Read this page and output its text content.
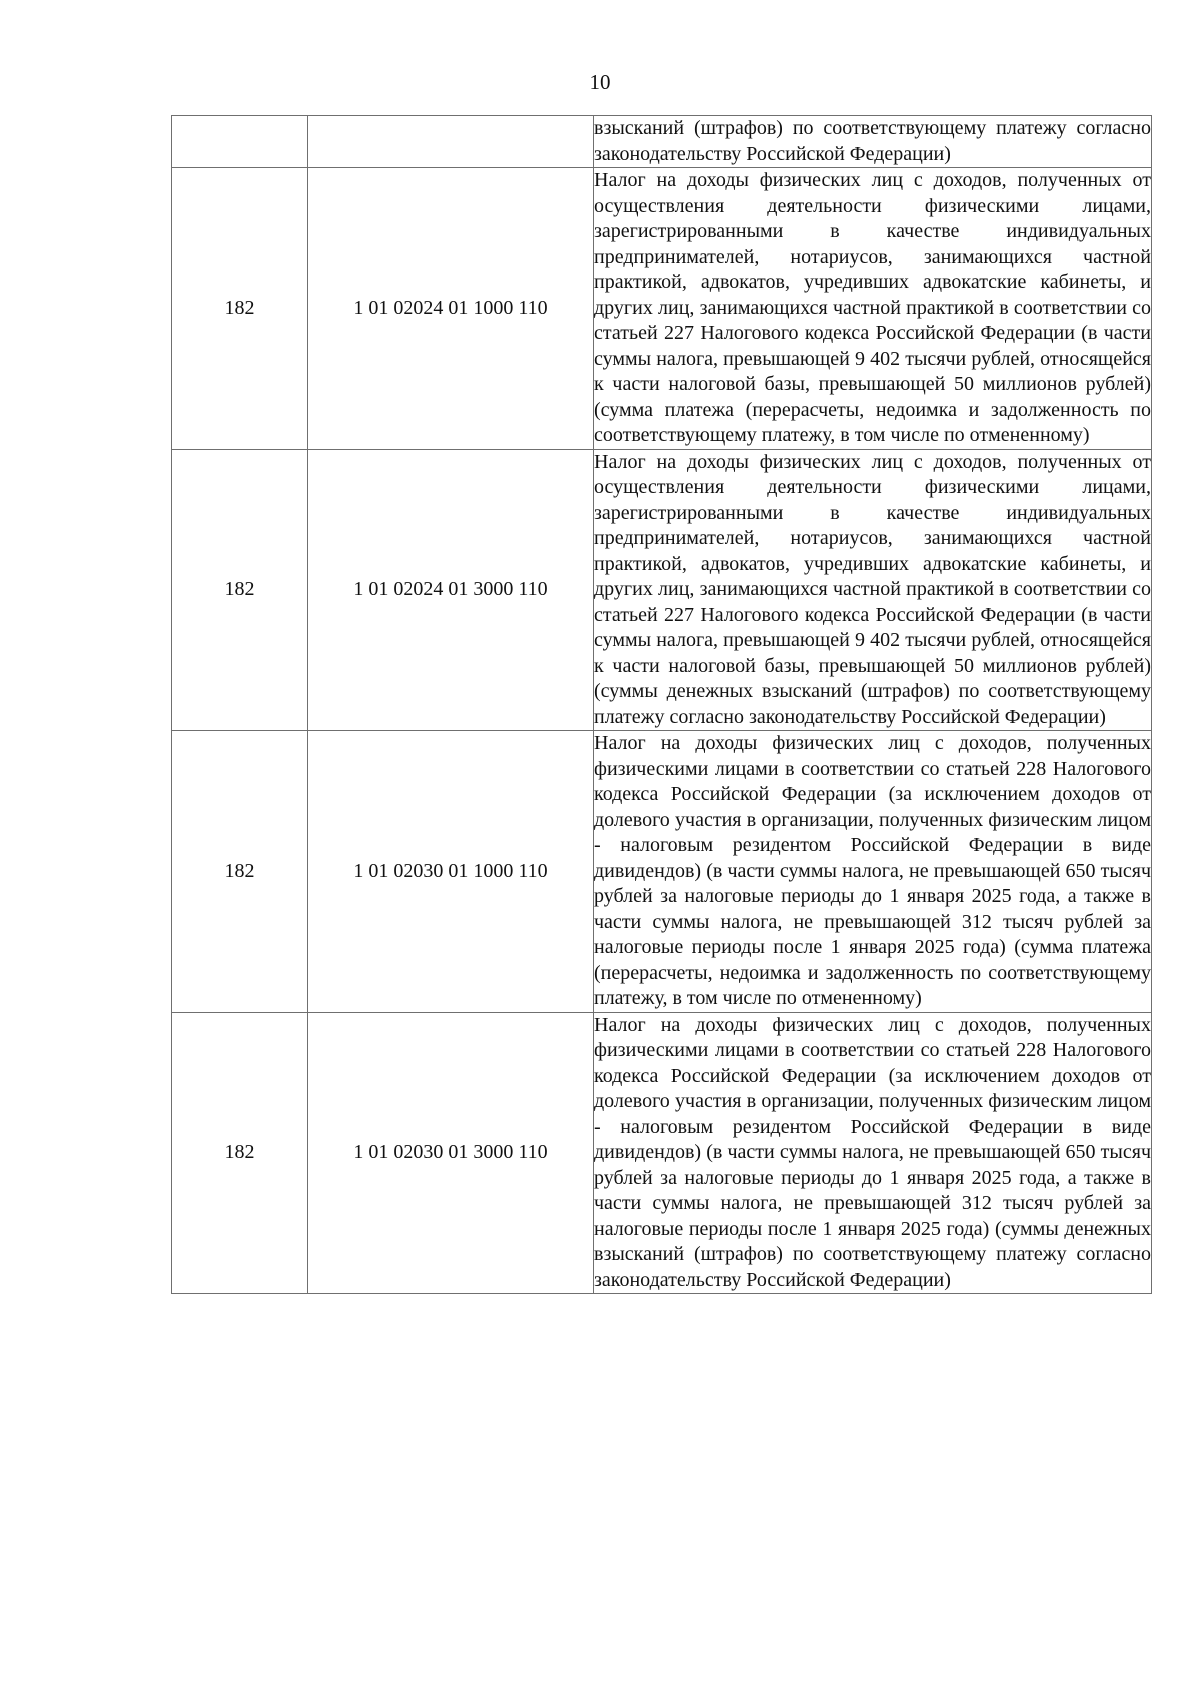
10
		взысканий (штрафов) по соответствующему платежу согласно законодательству Российской Федерации)
182	1 01 02024 01 1000 110	Налог на доходы физических лиц с доходов, полученных от осуществления деятельности физическими лицами, зарегистрированными в качестве индивидуальных предпринимателей, нотариусов, занимающихся частной практикой, адвокатов, учредивших адвокатские кабинеты, и других лиц, занимающихся частной практикой в соответствии со статьей 227 Налогового кодекса Российской Федерации (в части суммы налога, превышающей 9 402 тысячи рублей, относящейся к части налоговой базы, превышающей 50 миллионов рублей) (сумма платежа (перерасчеты, недоимка и задолженность по соответствующему платежу, в том числе по отмененному)
182	1 01 02024 01 3000 110	Налог на доходы физических лиц с доходов, полученных от осуществления деятельности физическими лицами, зарегистрированными в качестве индивидуальных предпринимателей, нотариусов, занимающихся частной практикой, адвокатов, учредивших адвокатские кабинеты, и других лиц, занимающихся частной практикой в соответствии со статьей 227 Налогового кодекса Российской Федерации (в части суммы налога, превышающей 9 402 тысячи рублей, относящейся к части налоговой базы, превышающей 50 миллионов рублей) (суммы денежных взысканий (штрафов) по соответствующему платежу согласно законодательству Российской Федерации)
182	1 01 02030 01 1000 110	Налог на доходы физических лиц с доходов, полученных физическими лицами в соответствии со статьей 228 Налогового кодекса Российской Федерации (за исключением доходов от долевого участия в организации, полученных физическим лицом - налоговым резидентом Российской Федерации в виде дивидендов) (в части суммы налога, не превышающей 650 тысяч рублей за налоговые периоды до 1 января 2025 года, а также в части суммы налога, не превышающей 312 тысяч рублей за налоговые периоды после 1 января 2025 года) (сумма платежа (перерасчеты, недоимка и задолженность по соответствующему платежу, в том числе по отмененному)
182	1 01 02030 01 3000 110	Налог на доходы физических лиц с доходов, полученных физическими лицами в соответствии со статьей 228 Налогового кодекса Российской Федерации (за исключением доходов от долевого участия в организации, полученных физическим лицом - налоговым резидентом Российской Федерации в виде дивидендов) (в части суммы налога, не превышающей 650 тысяч рублей за налоговые периоды до 1 января 2025 года, а также в части суммы налога, не превышающей 312 тысяч рублей за налоговые периоды после 1 января 2025 года) (суммы денежных взысканий (штрафов) по соответствующему платежу согласно законодательству Российской Федерации)
